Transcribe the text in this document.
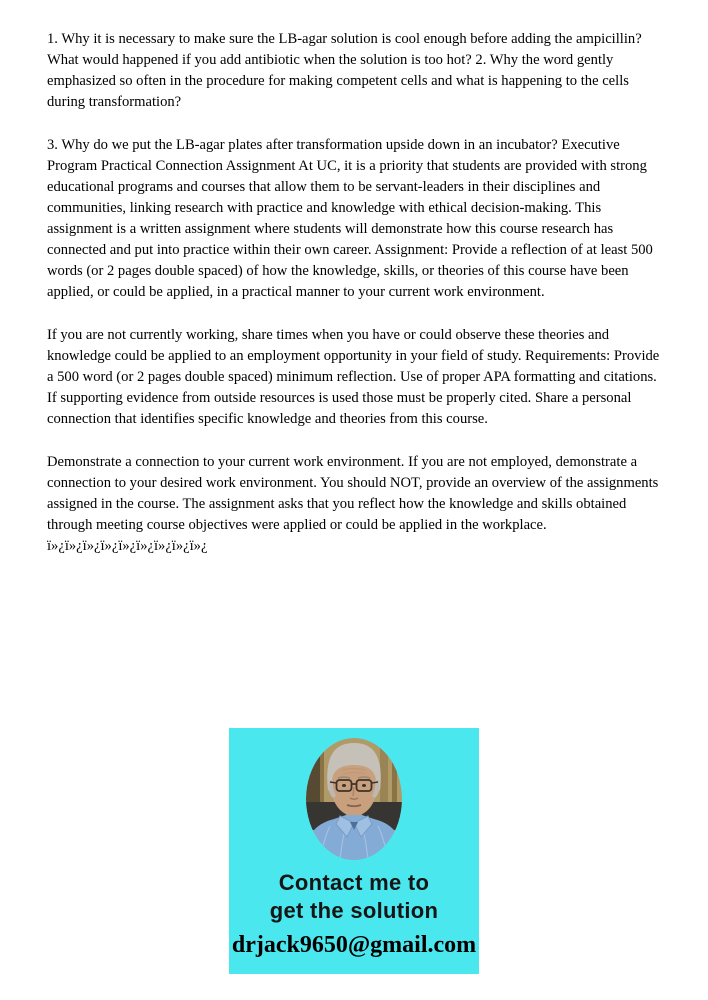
1. Why it is necessary to make sure the LB-agar solution is cool enough before adding the ampicillin? What would happened if you add antibiotic when the solution is too hot? 2. Why the word gently emphasized so often in the procedure for making competent cells and what is happening to the cells during transformation?

3. Why do we put the LB-agar plates after transformation upside down in an incubator? Executive Program Practical Connection Assignment At UC, it is a priority that students are provided with strong educational programs and courses that allow them to be servant-leaders in their disciplines and communities, linking research with practice and knowledge with ethical decision-making. This assignment is a written assignment where students will demonstrate how this course research has connected and put into practice within their own career. Assignment: Provide a reflection of at least 500 words (or 2 pages double spaced) of how the knowledge, skills, or theories of this course have been applied, or could be applied, in a practical manner to your current work environment.

If you are not currently working, share times when you have or could observe these theories and knowledge could be applied to an employment opportunity in your field of study. Requirements: Provide a 500 word (or 2 pages double spaced) minimum reflection. Use of proper APA formatting and citations. If supporting evidence from outside resources is used those must be properly cited. Share a personal connection that identifies specific knowledge and theories from this course.

Demonstrate a connection to your current work environment. If you are not employed, demonstrate a connection to your desired work environment. You should NOT, provide an overview of the assignments assigned in the course. The assignment asks that you reflect how the knowledge and skills obtained through meeting course objectives were applied or could be applied in the workplace.

ï»¿ï»¿ï»¿ï»¿ï»¿ï»¿ï»¿ï»¿ï»¿
Contact me to
get the solution
drjack9650@gmail.com
